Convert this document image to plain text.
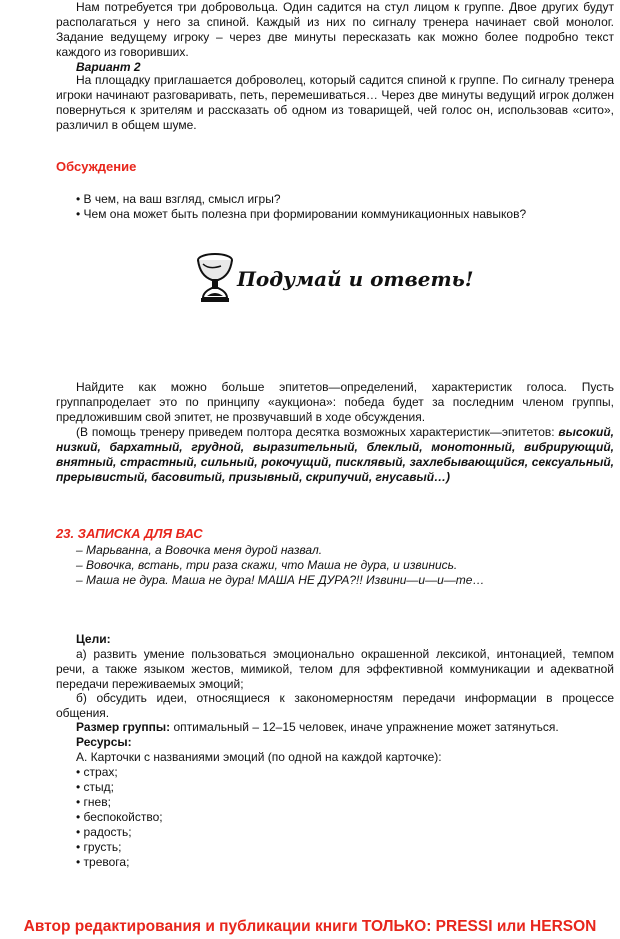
Нам потребуется три добровольца. Один садится на стул лицом к группе. Двое других будут располагаться у него за спиной. Каждый из них по сигналу тренера начинает свой монолог. Задание ведущему игроку – через две минуты пересказать как можно более подробно текст каждого из говоривших.

Вариант 2

На площадку приглашается доброволец, который садится спиной к группе. По сигналу тренера игроки начинают разговаривать, петь, перемешиваться… Через две минуты ведущий игрок должен повернуться к зрителям и рассказать об одном из товарищей, чей голос он, использовав «сито», различил в общем шуме.

Обсуждение

• В чем, на ваш взгляд, смысл игры?

• Чем она может быть полезна при формировании коммуникационных навыков?

Подумай и ответь!

Найдите как можно больше эпитетов—определений, характеристик голоса. Пусть группапроделает это по принципу «аукциона»: победа будет за последним членом группы, предложившим свой эпитет, не прозвучавший в ходе обсуждения.

(В помощь тренеру приведем полтора десятка возможных характеристик—эпитетов: высокий, низкий, бархатный, грудной, выразительный, блеклый, монотонный, вибрирующий, внятный, страстный, сильный, рокочущий, писклявый, захлебывающийся, сексуальный, прерывистый, басовитый, призывный, скрипучий, гнусавый…)

23. ЗАПИСКА ДЛЯ ВАС

– Марьванна, а Вовочка меня дурой назвал.

– Вовочка, встань, три раза скажи, что Маша не дура, и извинись.

– Маша не дура. Маша не дура! МАША НЕ ДУРА?!! Извини—и—и—те…

Цели:

а) развить умение пользоваться эмоционально окрашенной лексикой, интонацией, темпом речи, а также языком жестов, мимикой, телом для эффективной коммуникации и адекватной передачи переживаемых эмоций;

б) обсудить идеи, относящиеся к закономерностям передачи информации в процессе общения.

Размер группы: оптимальный – 12–15 человек, иначе упражнение может затянуться.

Ресурсы:

А. Карточки с названиями эмоций (по одной на каждой карточке):

• страх;

• стыд;

• гнев;

• беспокойство;

• радость;

• грусть;

• тревога;

Автор редактирования и публикации книги ТОЛЬКО: PRESSI или HERSON
